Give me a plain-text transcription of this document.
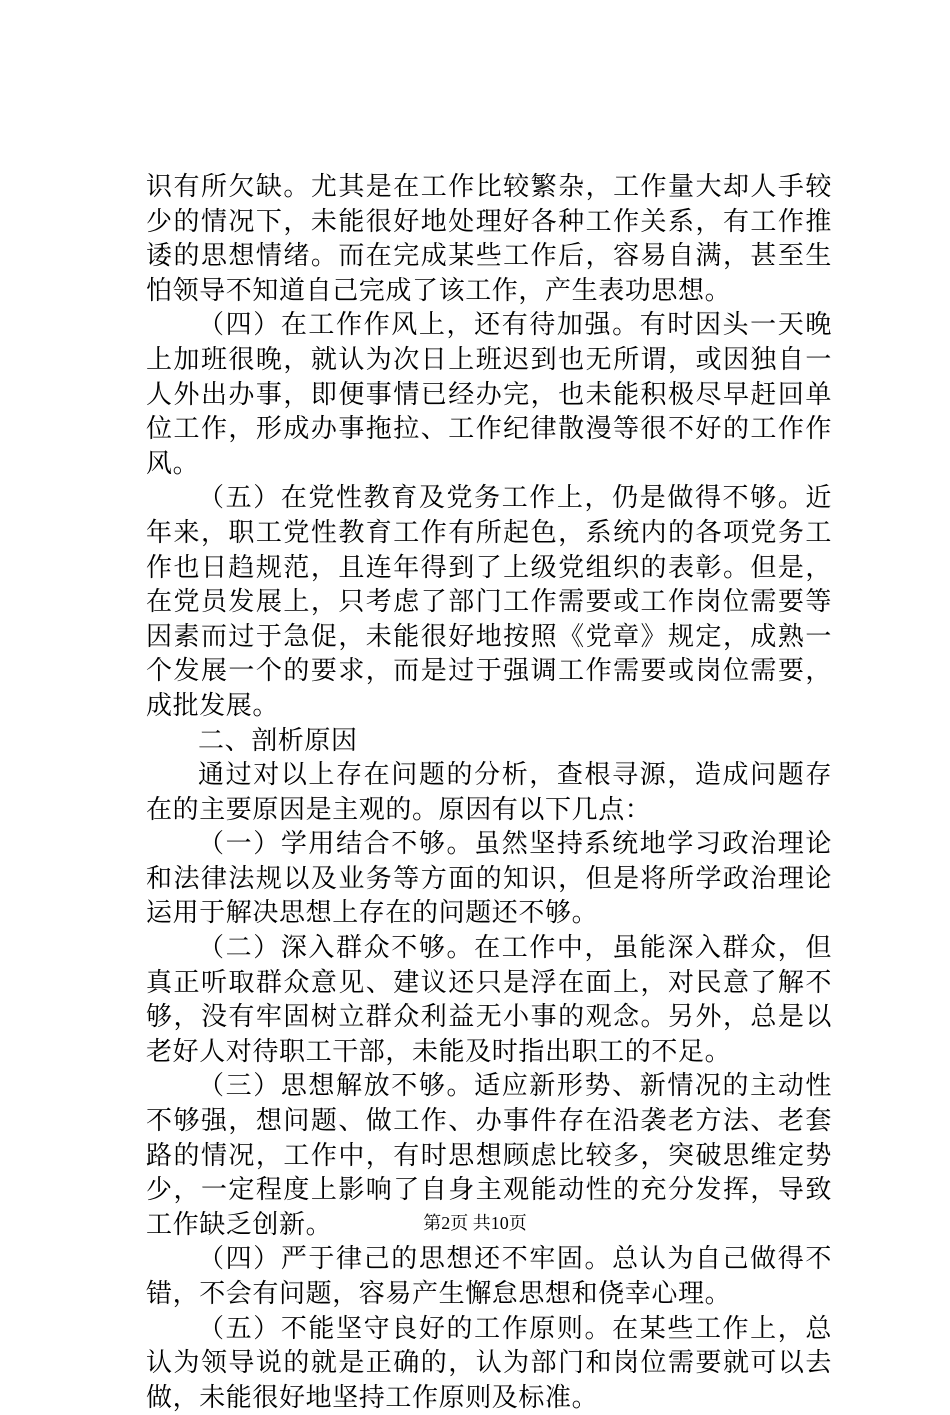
识有所欠缺。尤其是在工作比较繁杂，工作量大却人手较少的情况下，未能很好地处理好各种工作关系，有工作推诿的思想情绪。而在完成某些工作后，容易自满，甚至生怕领导不知道自己完成了该工作，产生表功思想。

（四）在工作作风上，还有待加强。有时因头一天晚上加班很晚，就认为次日上班迟到也无所谓，或因独自一人外出办事，即便事情已经办完，也未能积极尽早赶回单位工作，形成办事拖拉、工作纪律散漫等很不好的工作作风。

（五）在党性教育及党务工作上，仍是做得不够。近年来，职工党性教育工作有所起色，系统内的各项党务工作也日趋规范，且连年得到了上级党组织的表彰。但是，在党员发展上，只考虑了部门工作需要或工作岗位需要等因素而过于急促，未能很好地按照《党章》规定，成熟一个发展一个的要求，而是过于强调工作需要或岗位需要，成批发展。

二、剖析原因

通过对以上存在问题的分析，查根寻源，造成问题存在的主要原因是主观的。原因有以下几点：

（一）学用结合不够。虽然坚持系统地学习政治理论和法律法规以及业务等方面的知识，但是将所学政治理论运用于解决思想上存在的问题还不够。

（二）深入群众不够。在工作中，虽能深入群众，但真正听取群众意见、建议还只是浮在面上，对民意了解不够，没有牢固树立群众利益无小事的观念。另外，总是以老好人对待职工干部，未能及时指出职工的不足。

（三）思想解放不够。适应新形势、新情况的主动性不够强，想问题、做工作、办事件存在沿袭老方法、老套路的情况，工作中，有时思想顾虑比较多，突破思维定势少，一定程度上影响了自身主观能动性的充分发挥，导致工作缺乏创新。

（四）严于律己的思想还不牢固。总认为自己做得不错，不会有问题，容易产生懈怠思想和侥幸心理。

（五）不能坚守良好的工作原则。在某些工作上，总认为领导说的就是正确的，认为部门和岗位需要就可以去做，未能很好地坚持工作原则及标准。

第2页 共10页
